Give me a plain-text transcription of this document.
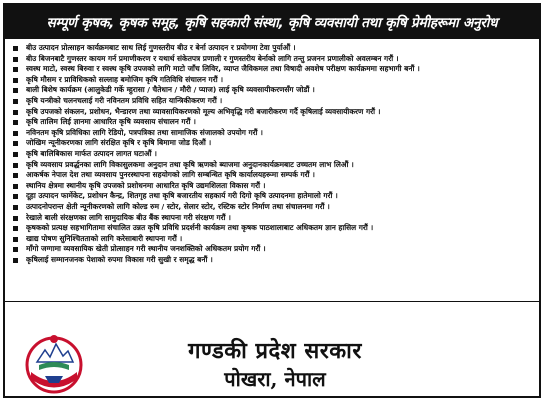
सम्पूर्ण कृषक, कृषक समूह, कृषि सहकारी संस्था, कृषि व्यवसायी तथा कृषि प्रेमीहरूमा अनुरोध
बीउ उत्पादन प्रोत्साहन कार्यक्रमबाट साथ लिई गुणस्तरीय बीउ र बेर्ना उत्पादन र प्रयोगमा टेवा पुर्याऔं ।
बीउ बिजनबाटै गुणस्तर कायम गर्न प्रमाणीकरण र यथार्थ संकेतपत्र प्रणाली र गुणस्तरीय बेर्नाको लागि तन्तु प्रजनन प्रणालीको अवलम्बन गरौं ।
स्वस्थ माटो, स्वस्थ बिरुवा र स्वस्थ कृषि उपजको लागि माटो जाँच लिविर, व्याप्त जैविकमल तथा विषादी अवशेष परीक्षण कार्यक्रममा सहभागी बनौं ।
कृषि मौसम र प्राविधिकको सल्लाह बमोजिम कृषि गतिविधि संचालन गरौं ।
बाली बिशेष कार्यक्रम (आलुकेडी गर्के म्हुरासा / चैतेधान / मौरी / प्याज) लाई कृषि व्यवसायीकरणसँग जोडौं ।
कृषि यन्त्रीको चलनचलाई गरी नविनतम प्रविधि सहित यान्त्रिकीकरण गरौं ।
कृषि उपजको संकलन, प्रशोधन, भैन्डारण तथा व्यावसायिकरणको मूल्य अभिवृद्धि गरी बजारीकरण गर्दै कृषिलाई व्यवसायीकरण गरौं ।
कृषि तालिम लिई ज्ञानमा आधारित कृषि व्यवसाय संचालन गरौं ।
नविनतम कृषि प्रविधिका लागि रेडियो, पत्रपत्रिका तथा सामाजिक संजालको उपयोग गरौं ।
जोखिम न्यूनीकरणका लागि संरक्षित कृषि र कृषि बिमामा जोड दिऔं ।
कृषि बालिबिकास मार्फत उत्पादन लागत घटाऔं ।
कृषि व्यवसाय प्रवर्द्धनका लागि विकासुलकमा अनुदान तथा कृषि ऋणको ब्याजमा अनुदानकार्यक्रमबाट उच्चतम लाभ लिऔं ।
आकर्षक नेपाल देश तथा व्यवसाय पुनरस्थापना सहयोगको लागि सम्बन्धित कृषि कार्यालयहरूमा सम्पर्क गरौं ।
स्थानिय क्षेत्रमा स्थानीय कृषि उपजको प्रशोधनमा आधारित कृषि उद्यमशिलता विकास गरौं ।
दूहा उत्पादन फार्मेकेट, प्रशोधन कैन्द्र, शितगृह तथा कृषि बजारतीय सहकार्य गरी दिगो कृषि उत्पादनमा हातेमालो गरौं ।
उत्पादनोपरान्त क्षेती न्यूनीकरणको लागि कोल्ड रुम / स्टोर, सेलार स्टोर, रस्टिक स्टोर निर्माण तथा संचालनमा गरौं ।
रेखाले बाली संरक्षणका लागि सामुदायिक बीउ बैंक स्थापना गरी संरक्षण गरौं ।
कृषकको प्रत्यक्ष सहभागितामा संचालित उन्नत कृषि प्रविधि प्रदर्शनी कार्यक्रम तथा कृषक पाठशालाबाट अधिकतम ज्ञान हासिल गरौं ।
खाद्य पोषण सुनिश्चितताको लागि करेसाबारी स्थापना गरौं ।
माँगो जग्गामा व्यवसायिक खेती प्रोत्साहन गरी स्थानीय जनशक्तिको अधिकतम प्रयोग गरौं ।
कृषिलाई सम्मानजनक पेशाको रुपमा विकास गरी सुखी र समृद्ध बनौं ।
गण्डकी प्रदेश सरकार
पोखरा, नेपाल
